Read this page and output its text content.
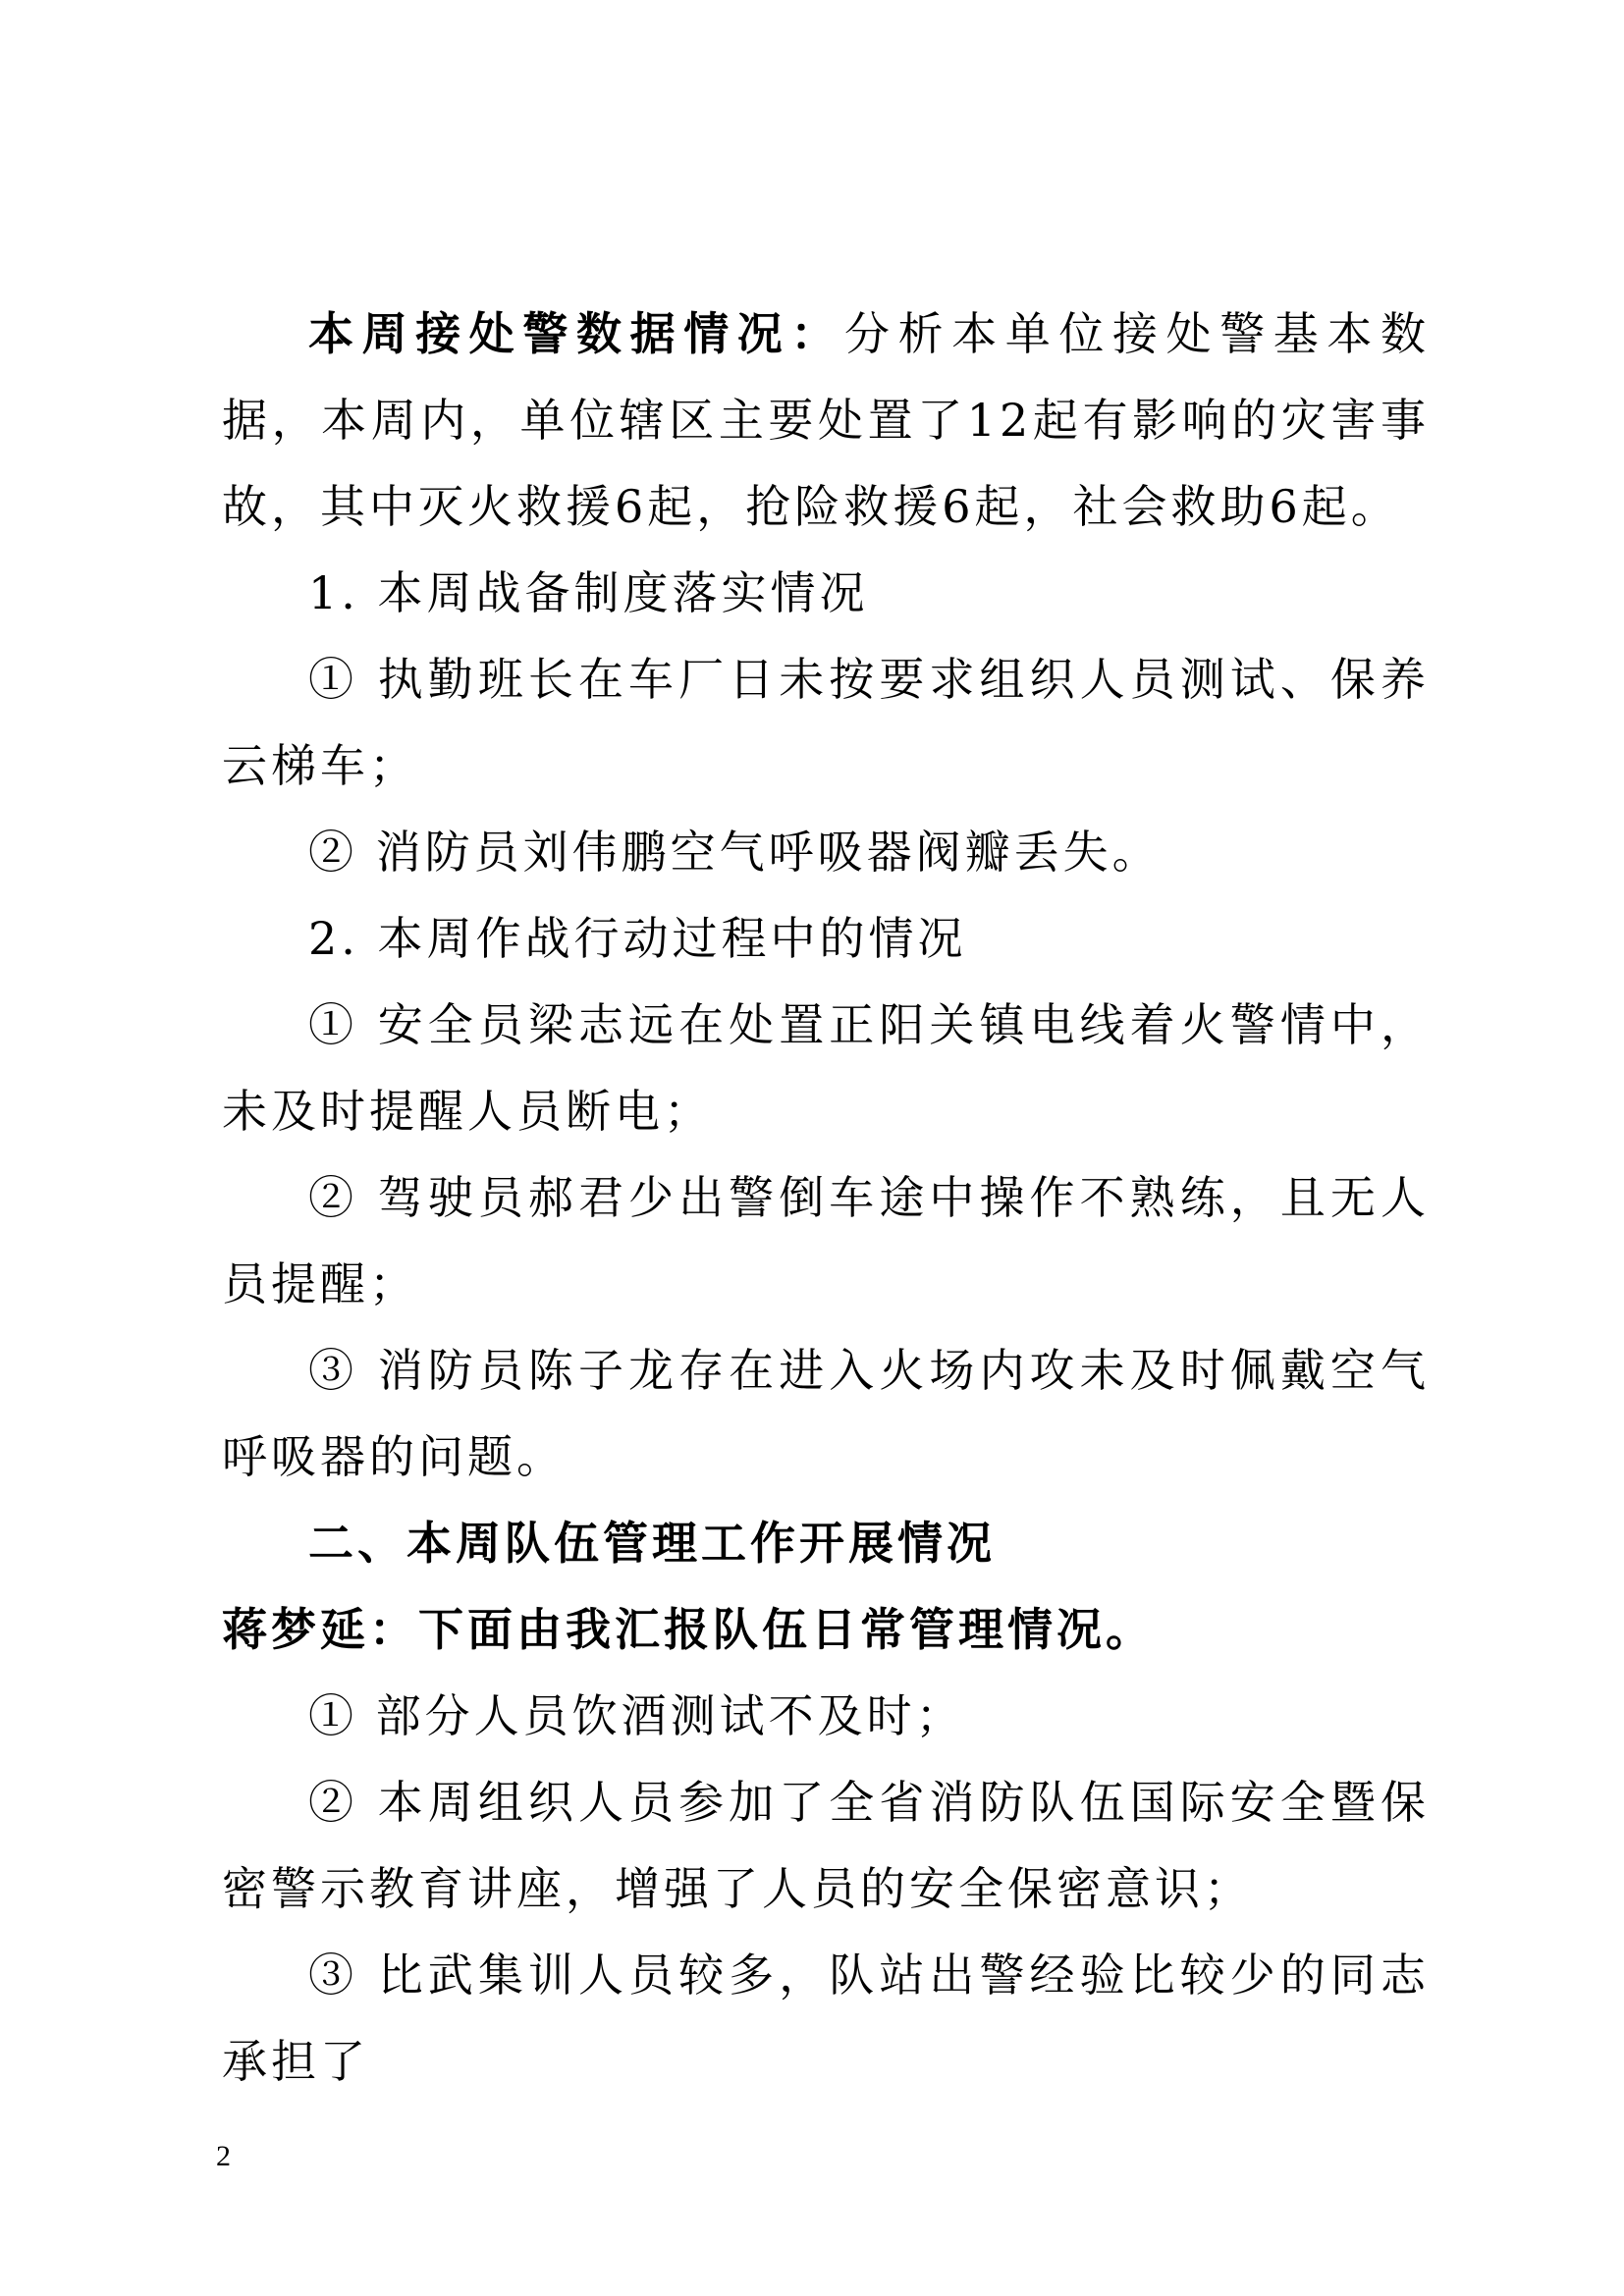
本周接处警数据情况：分析本单位接处警基本数据，本周内，单位辖区主要处置了12起有影响的灾害事故，其中灭火救援6起，抢险救援6起，社会救助6起。

1. 本周战备制度落实情况

① 执勤班长在车厂日未按要求组织人员测试、保养云梯车；

② 消防员刘伟鹏空气呼吸器阀瓣丢失。

2. 本周作战行动过程中的情况

① 安全员梁志远在处置正阳关镇电线着火警情中，未及时提醒人员断电；

② 驾驶员郝君少出警倒车途中操作不熟练，且无人员提醒；

③ 消防员陈子龙存在进入火场内攻未及时佩戴空气呼吸器的问题。

二、本周队伍管理工作开展情况

蒋梦延：下面由我汇报队伍日常管理情况。

① 部分人员饮酒测试不及时；

② 本周组织人员参加了全省消防队伍国际安全暨保密警示教育讲座，增强了人员的安全保密意识；

③ 比武集训人员较多，队站出警经验比较少的同志承担了

2
